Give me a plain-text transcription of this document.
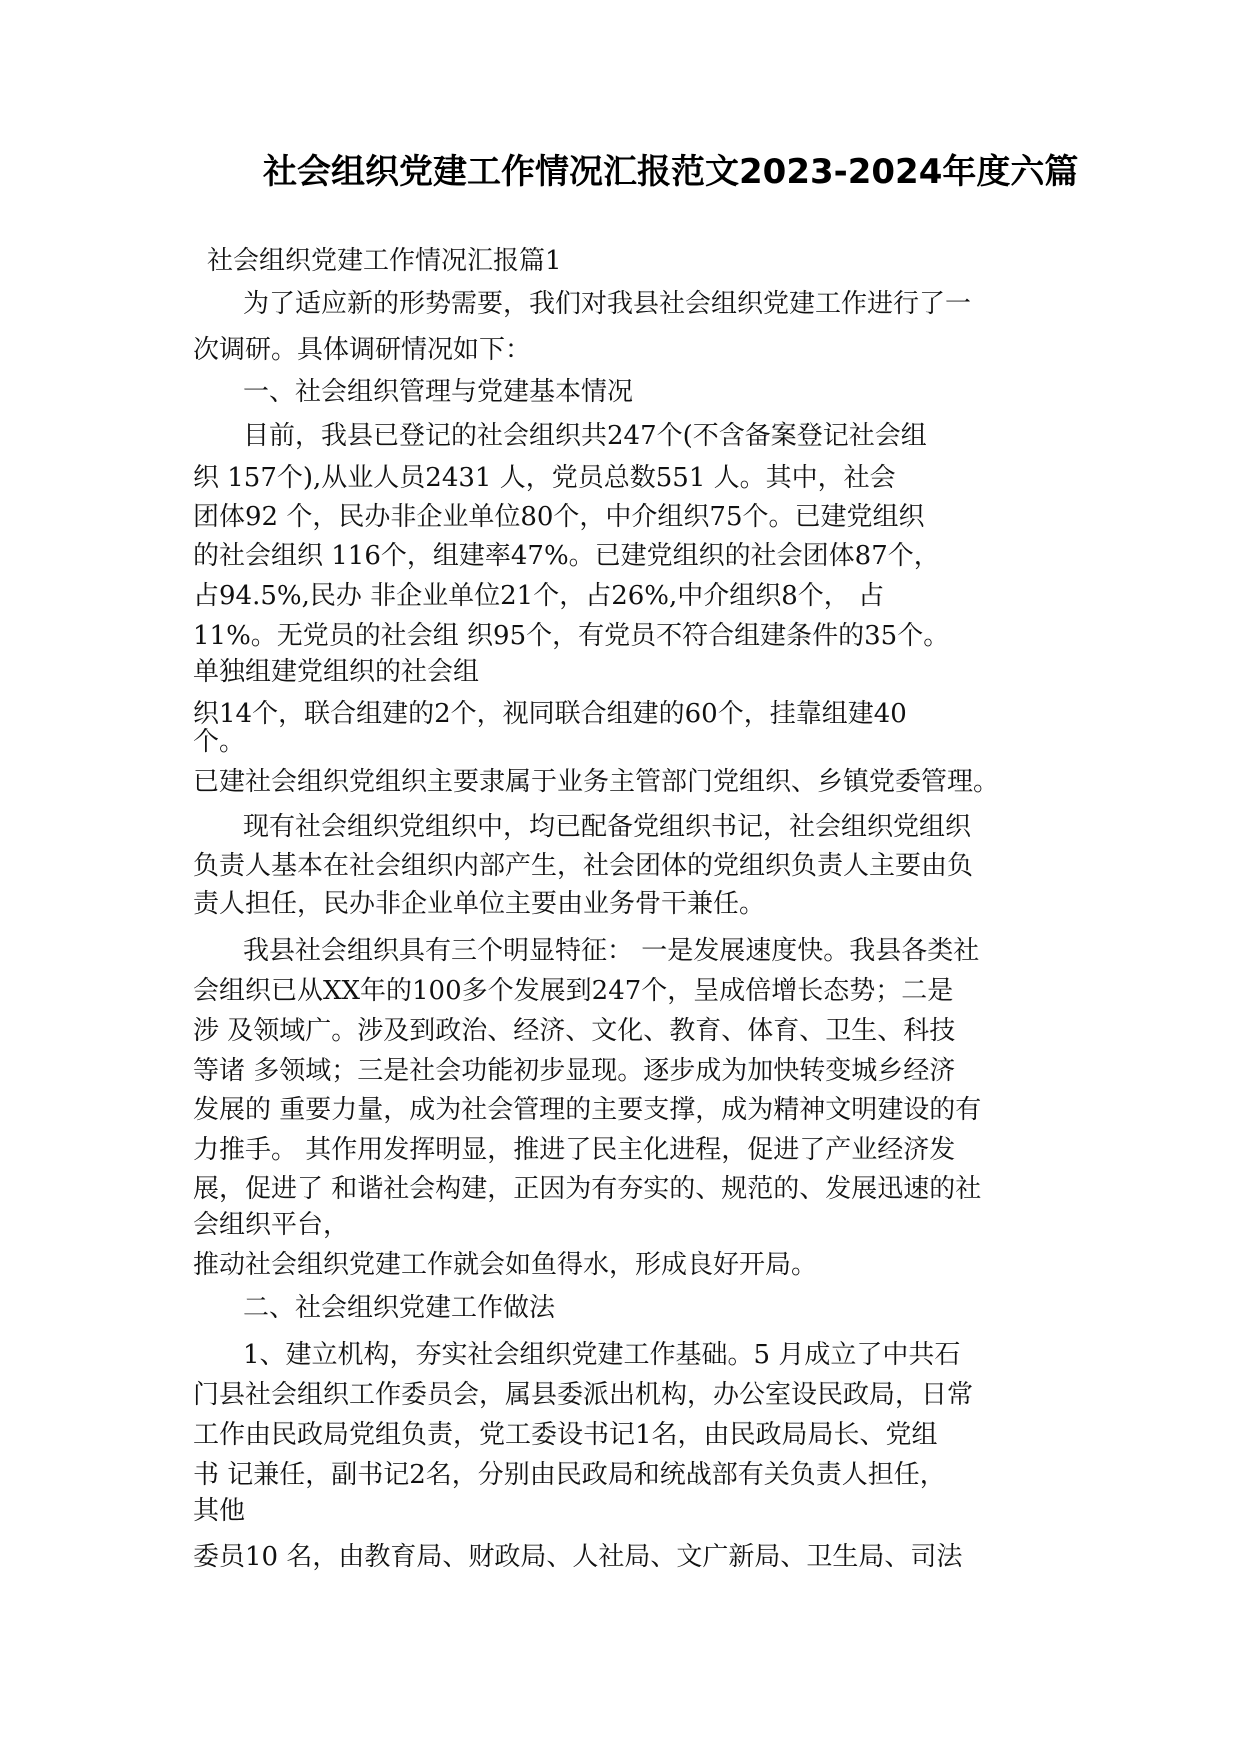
社会组织党建工作情况汇报范文2023-2024年度六篇
社会组织党建工作情况汇报篇1
为了适应新的形势需要，我们对我县社会组织党建工作进行了一
次调研。具体调研情况如下：
一、社会组织管理与党建基本情况
目前，我县已登记的社会组织共247个(不含备案登记社会组
织 157个),从业人员2431 人，党员总数551 人。其中，社会
团体92 个，民办非企业单位80个，中介组织75个。已建党组织
的社会组织 116个，组建率47%。已建党组织的社会团体87个，
占94.5%,民办 非企业单位21个，占26%,中介组织8个， 占
11%。无党员的社会组 织95个，有党员不符合组建条件的35个。
单独组建党组织的社会组
织14个，联合组建的2个，视同联合组建的60个，挂靠组建40
个。
已建社会组织党组织主要隶属于业务主管部门党组织、乡镇党委管理。
现有社会组织党组织中，均已配备党组织书记，社会组织党组织
负责人基本在社会组织内部产生，社会团体的党组织负责人主要由负
责人担任，民办非企业单位主要由业务骨干兼任。
我县社会组织具有三个明显特征： 一是发展速度快。我县各类社
会组织已从XX年的100多个发展到247个，呈成倍增长态势；二是
涉 及领域广。涉及到政治、经济、文化、教育、体育、卫生、科技
等诸 多领域；三是社会功能初步显现。逐步成为加快转变城乡经济
发展的 重要力量，成为社会管理的主要支撑，成为精神文明建设的有
力推手。 其作用发挥明显，推进了民主化进程，促进了产业经济发
展，促进了 和谐社会构建，正因为有夯实的、规范的、发展迅速的社
会组织平台，
推动社会组织党建工作就会如鱼得水，形成良好开局。
二、社会组织党建工作做法
1、建立机构，夯实社会组织党建工作基础。5 月成立了中共石
门县社会组织工作委员会，属县委派出机构，办公室设民政局，日常
工作由民政局党组负责，党工委设书记1名，由民政局局长、党组
书 记兼任，副书记2名，分别由民政局和统战部有关负责人担任，
其他
委员10 名，由教育局、财政局、人社局、文广新局、卫生局、司法
